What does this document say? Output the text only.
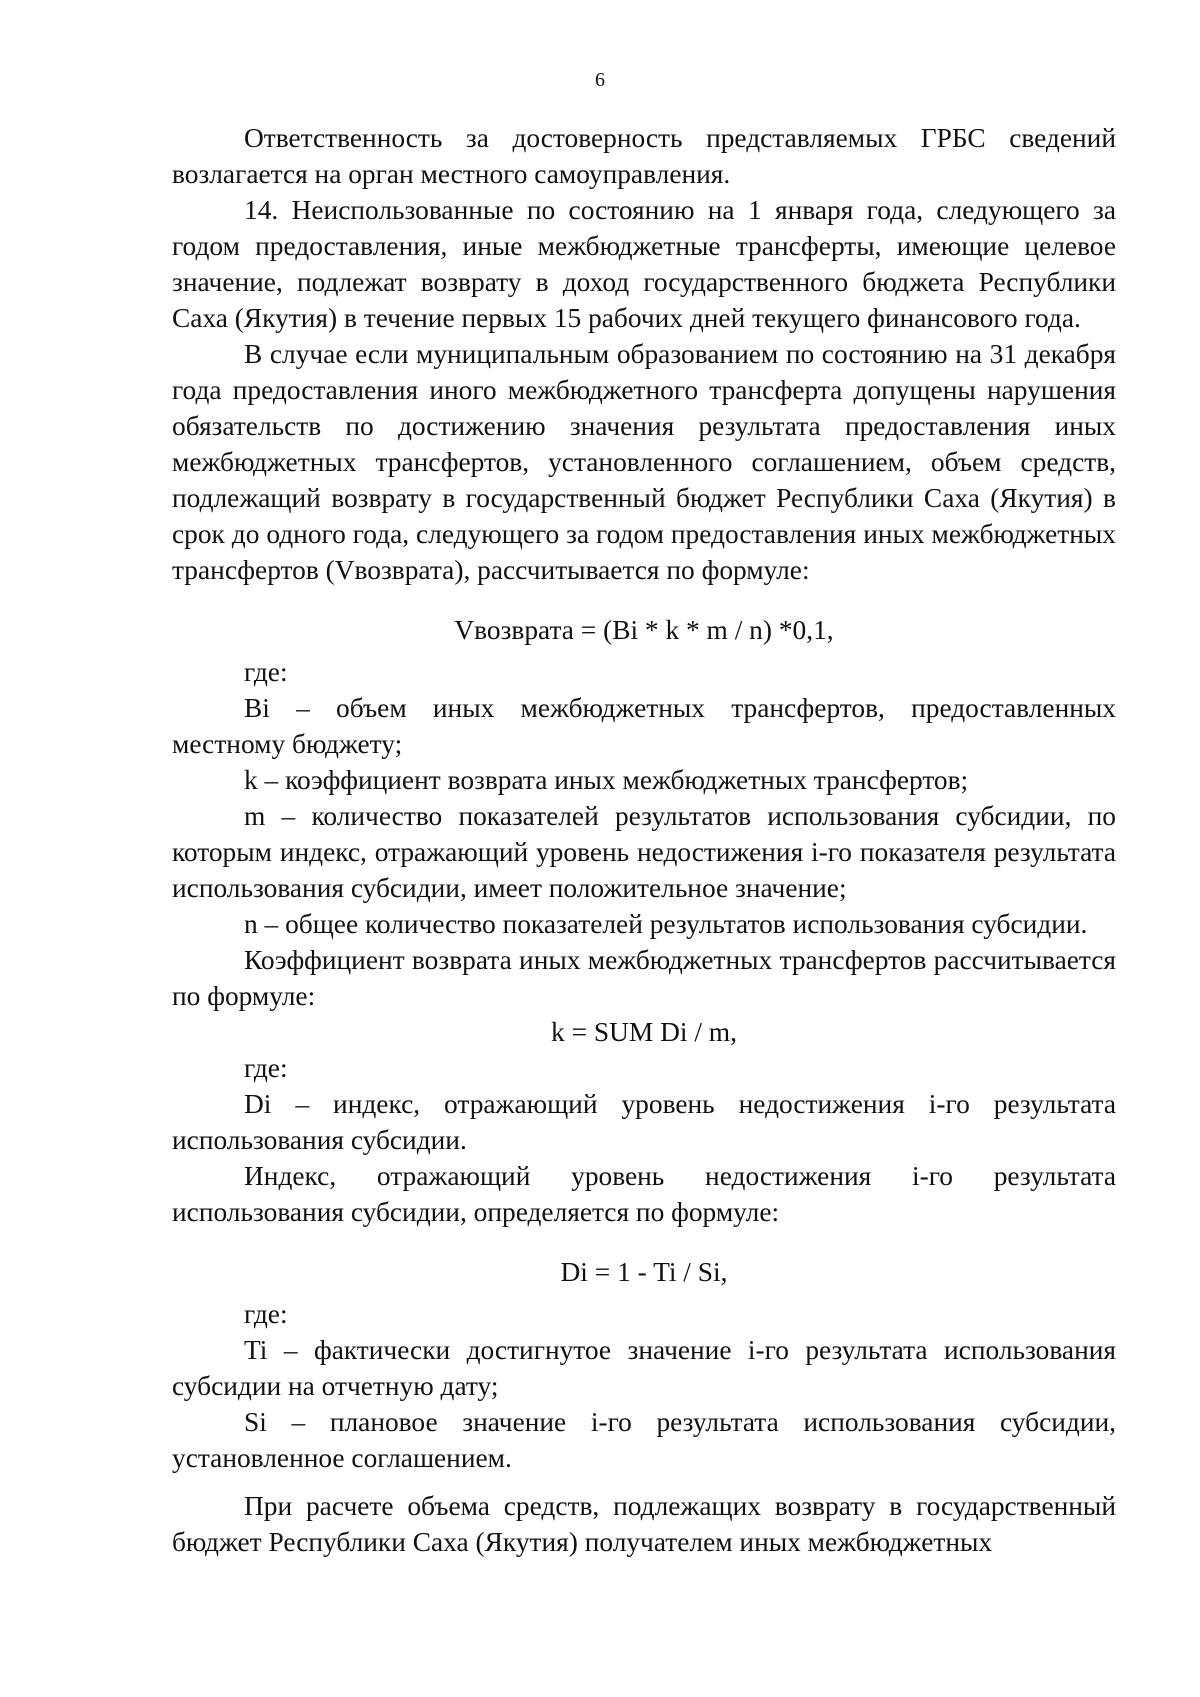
6

Ответственность за достоверность представляемых ГРБС сведений возлагается на орган местного самоуправления.

14. Неиспользованные по состоянию на 1 января года, следующего за годом предоставления, иные межбюджетные трансферты, имеющие целевое значение, подлежат возврату в доход государственного бюджета Республики Саха (Якутия) в течение первых 15 рабочих дней текущего финансового года.

В случае если муниципальным образованием по состоянию на 31 декабря года предоставления иного межбюджетного трансферта допущены нарушения обязательств по достижению значения результата предоставления иных межбюджетных трансфертов, установленного соглашением, объем средств, подлежащий возврату в государственный бюджет Республики Саха (Якутия) в срок до одного года, следующего за годом предоставления иных межбюджетных трансфертов (Vвозврата), рассчитывается по формуле:

Vвозврата = (Bi * k * m / n) *0,1,

где:

Bi – объем иных межбюджетных трансфертов, предоставленных местному бюджету;

k – коэффициент возврата иных межбюджетных трансфертов;

m – количество показателей результатов использования субсидии, по которым индекс, отражающий уровень недостижения i-го показателя результата использования субсидии, имеет положительное значение;

n – общее количество показателей результатов использования субсидии.

Коэффициент возврата иных межбюджетных трансфертов рассчитывается по формуле:

k = SUM Di / m,

где:

Di – индекс, отражающий уровень недостижения i-го результата использования субсидии.

Индекс, отражающий уровень недостижения i-го результата использования субсидии, определяется по формуле:

Di = 1 - Ti / Si,

где:

Ti – фактически достигнутое значение i-го результата использования субсидии на отчетную дату;

Si – плановое значение i-го результата использования субсидии, установленное соглашением.

При расчете объема средств, подлежащих возврату в государственный бюджет Республики Саха (Якутия) получателем иных межбюджетных
